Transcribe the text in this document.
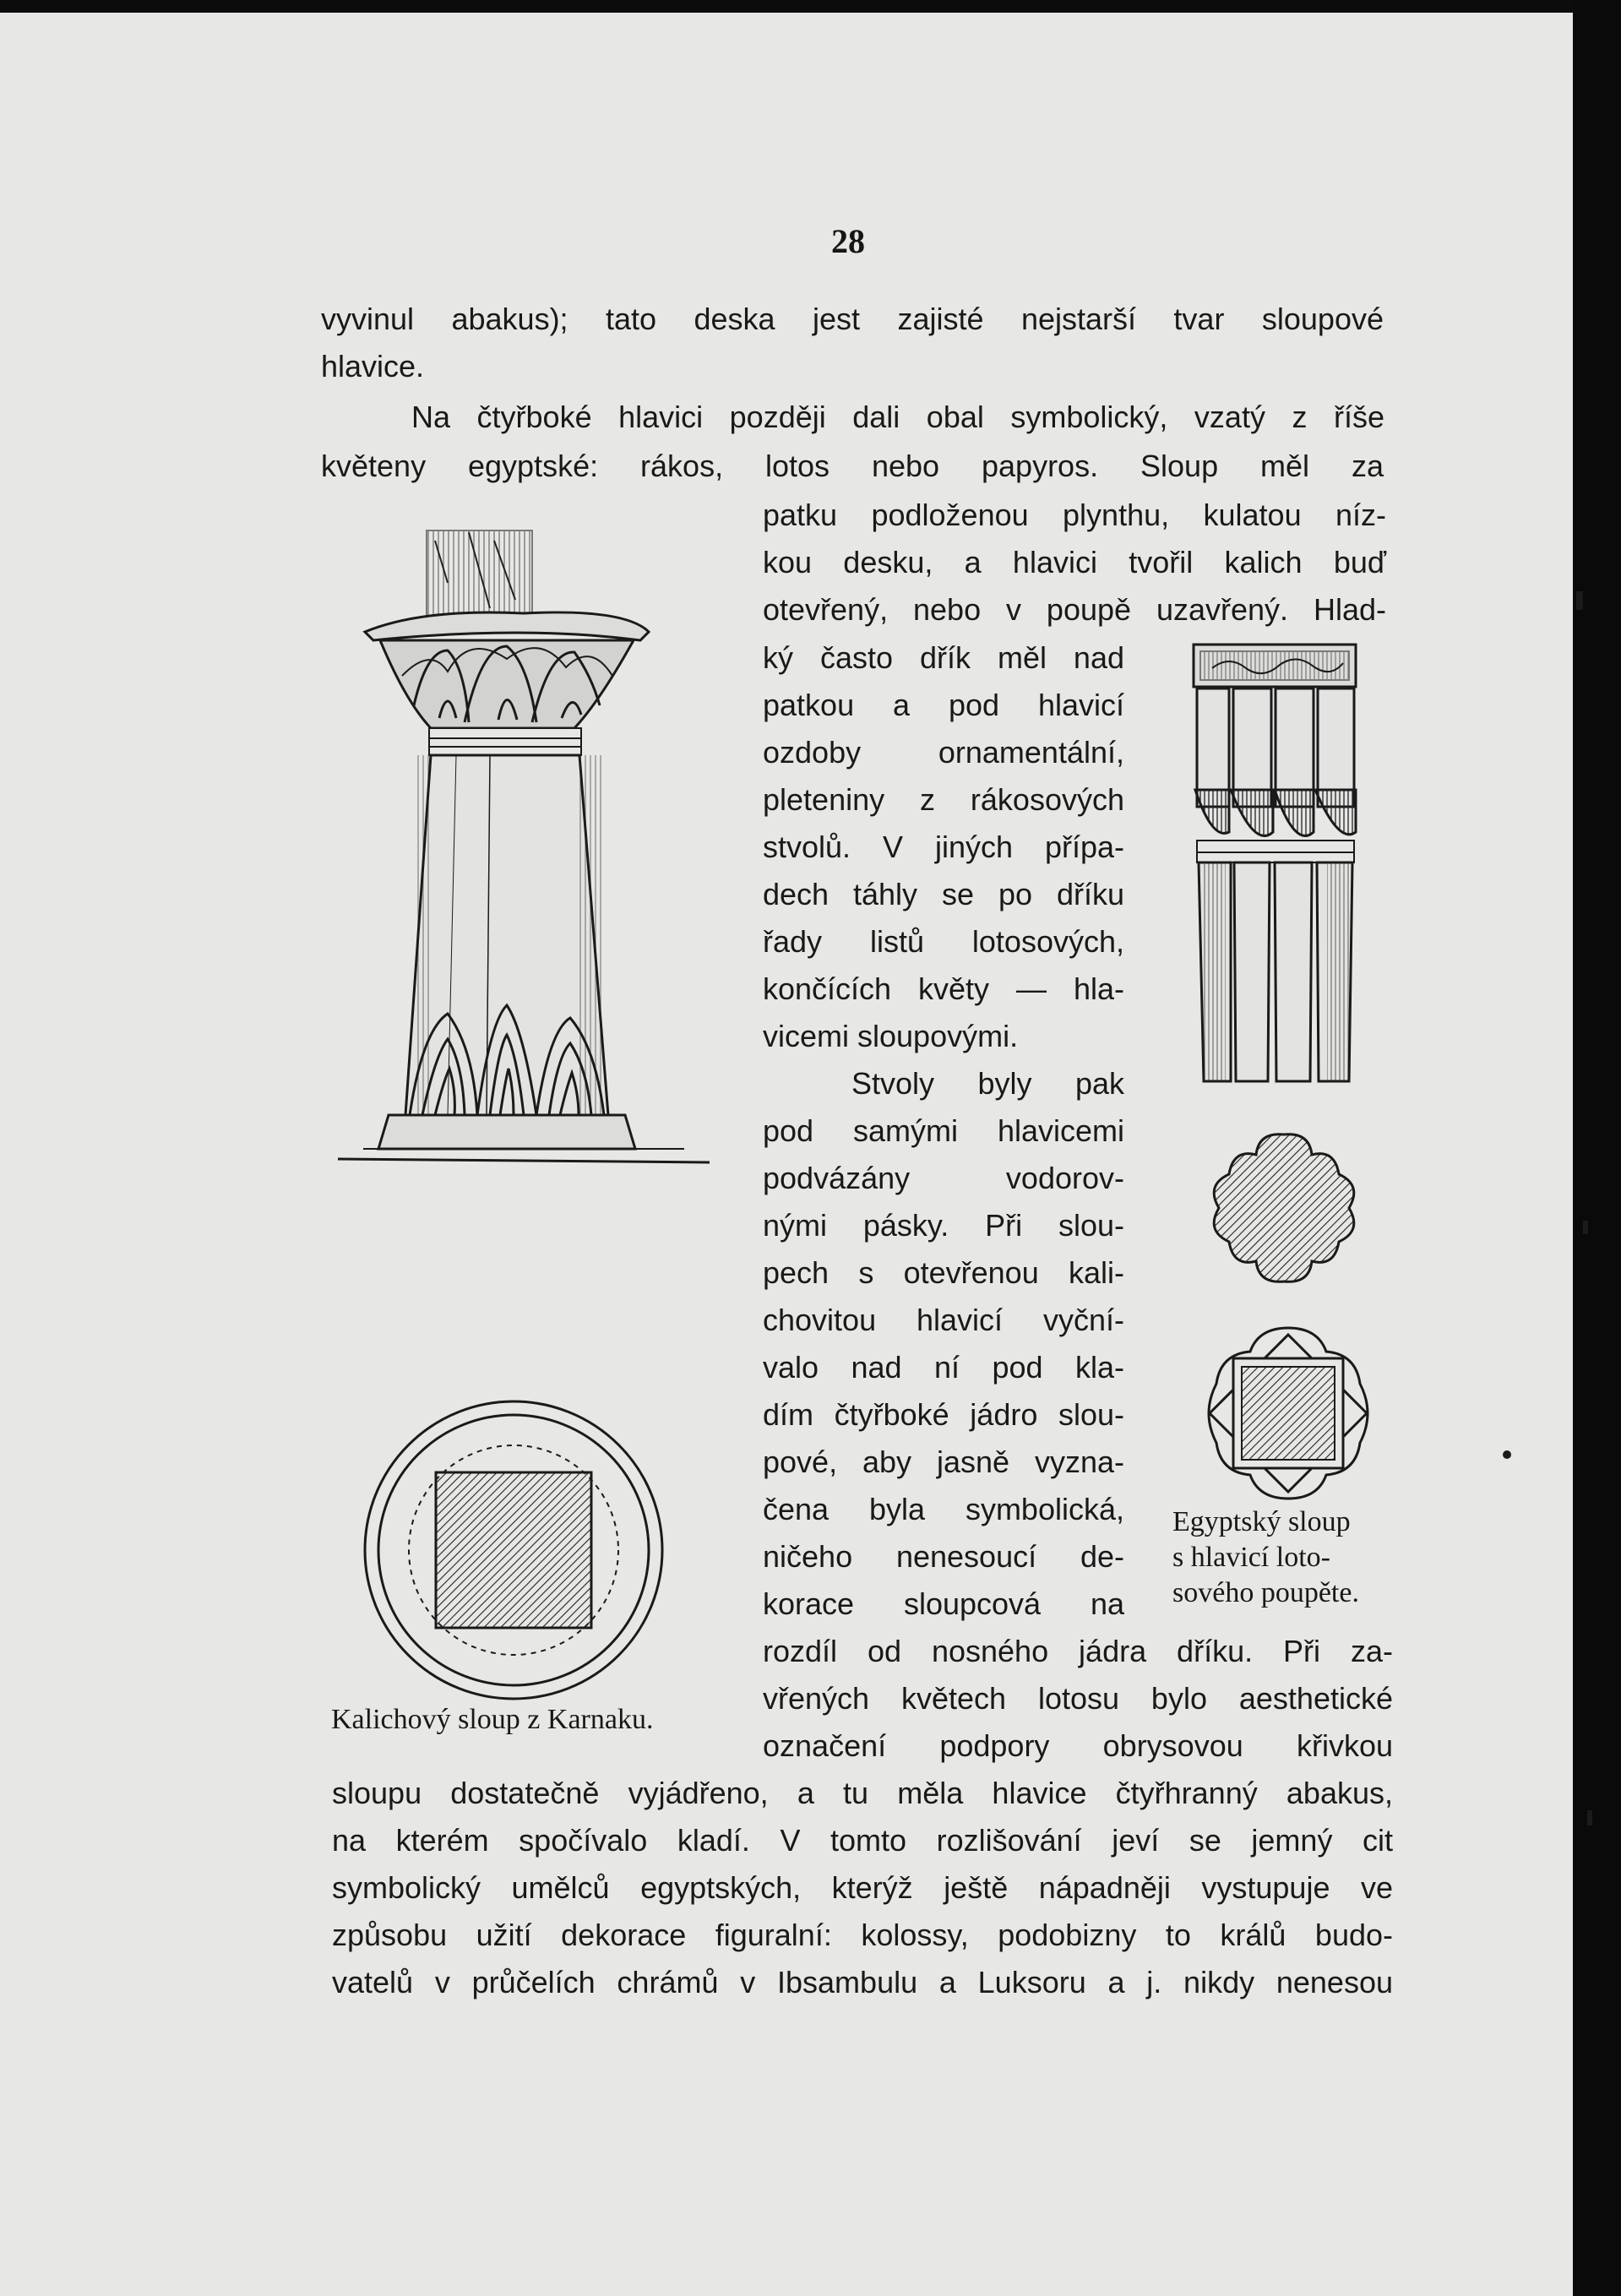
28
vyvinul abakus); tato deska jest zajisté nejstarší tvar sloupové
hlavice.
Na čtyřboké hlavici později dali obal symbolický, vzatý z říše
květeny egyptské: rákos, lotos nebo papyros. Sloup měl za
patku podloženou plynthu, kulatou níz-
kou desku, a hlavici tvořil kalich buď
otevřený, nebo v poupě uzavřený. Hlad-
ký často dřík měl nad
patkou a pod hlavicí
ozdoby ornamentální,
pleteniny z rákosových
stvolů. V jiných přípa-
dech táhly se po dříku
řady listů lotosových,
končících květy — hla-
vicemi sloupovými.
Stvoly byly pak
pod samými hlavicemi
podvázány vodorov-
nými pásky. Při slou-
pech s otevřenou kali-
chovitou hlavicí vyční-
valo nad ní pod kla-
dím čtyřboké jádro slou-
pové, aby jasně vyzna-
čena byla symbolická,
ničeho nenesoucí de-
korace sloupcová na
rozdíl od nosného jádra dříku. Při za-
vřených květech lotosu bylo aesthetické
označení podpory obrysovou křivkou
sloupu dostatečně vyjádřeno, a tu měla hlavice čtyřhranný abakus,
na kterém spočívalo kladí. V tomto rozlišování jeví se jemný cit
symbolický umělců egyptských, kterýž ještě nápadněji vystupuje ve
způsobu užití dekorace figuralní: kolossy, podobizny to králů budo-
vatelů v průčelích chrámů v Ibsambulu a Luksoru a j. nikdy nenesou
Kalichový sloup z Karnaku.
Egyptský sloup
s hlavicí loto-
sového poupěte.
